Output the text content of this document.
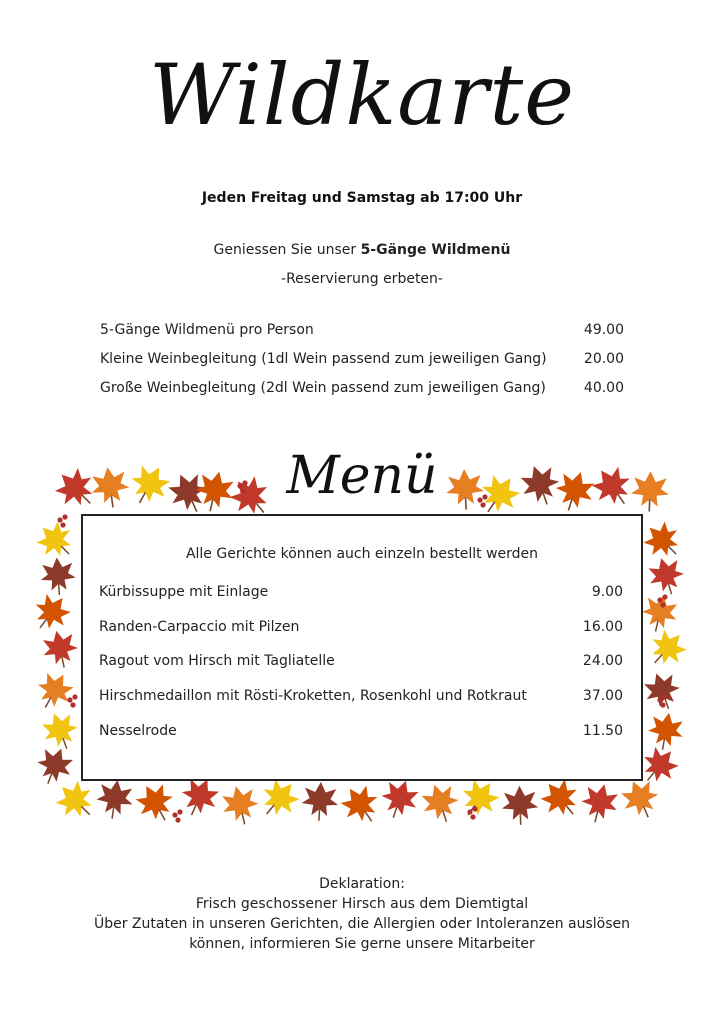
Wildkarte
Jeden Freitag und Samstag ab 17:00 Uhr
Geniessen Sie unser 5-Gänge Wildmenü
-Reservierung erbeten-
5-Gänge Wildmenü pro Person	49.00
Kleine Weinbegleitung (1dl Wein passend zum jeweiligen Gang)	20.00
Große Weinbegleitung (2dl Wein passend zum jeweiligen Gang)	40.00
Menü
Alle Gerichte können auch einzeln bestellt werden
Kürbissuppe mit Einlage	9.00
Randen-Carpaccio mit Pilzen	16.00
Ragout vom Hirsch mit Tagliatelle	24.00
Hirschmedaillon mit Rösti-Kroketten, Rosenkohl und Rotkraut	37.00
Nesselrode	11.50
Deklaration:
Frisch geschossener Hirsch aus dem Diemtigtal
Über Zutaten in unseren Gerichten, die Allergien oder Intoleranzen auslösen
können, informieren Sie gerne unsere Mitarbeiter
